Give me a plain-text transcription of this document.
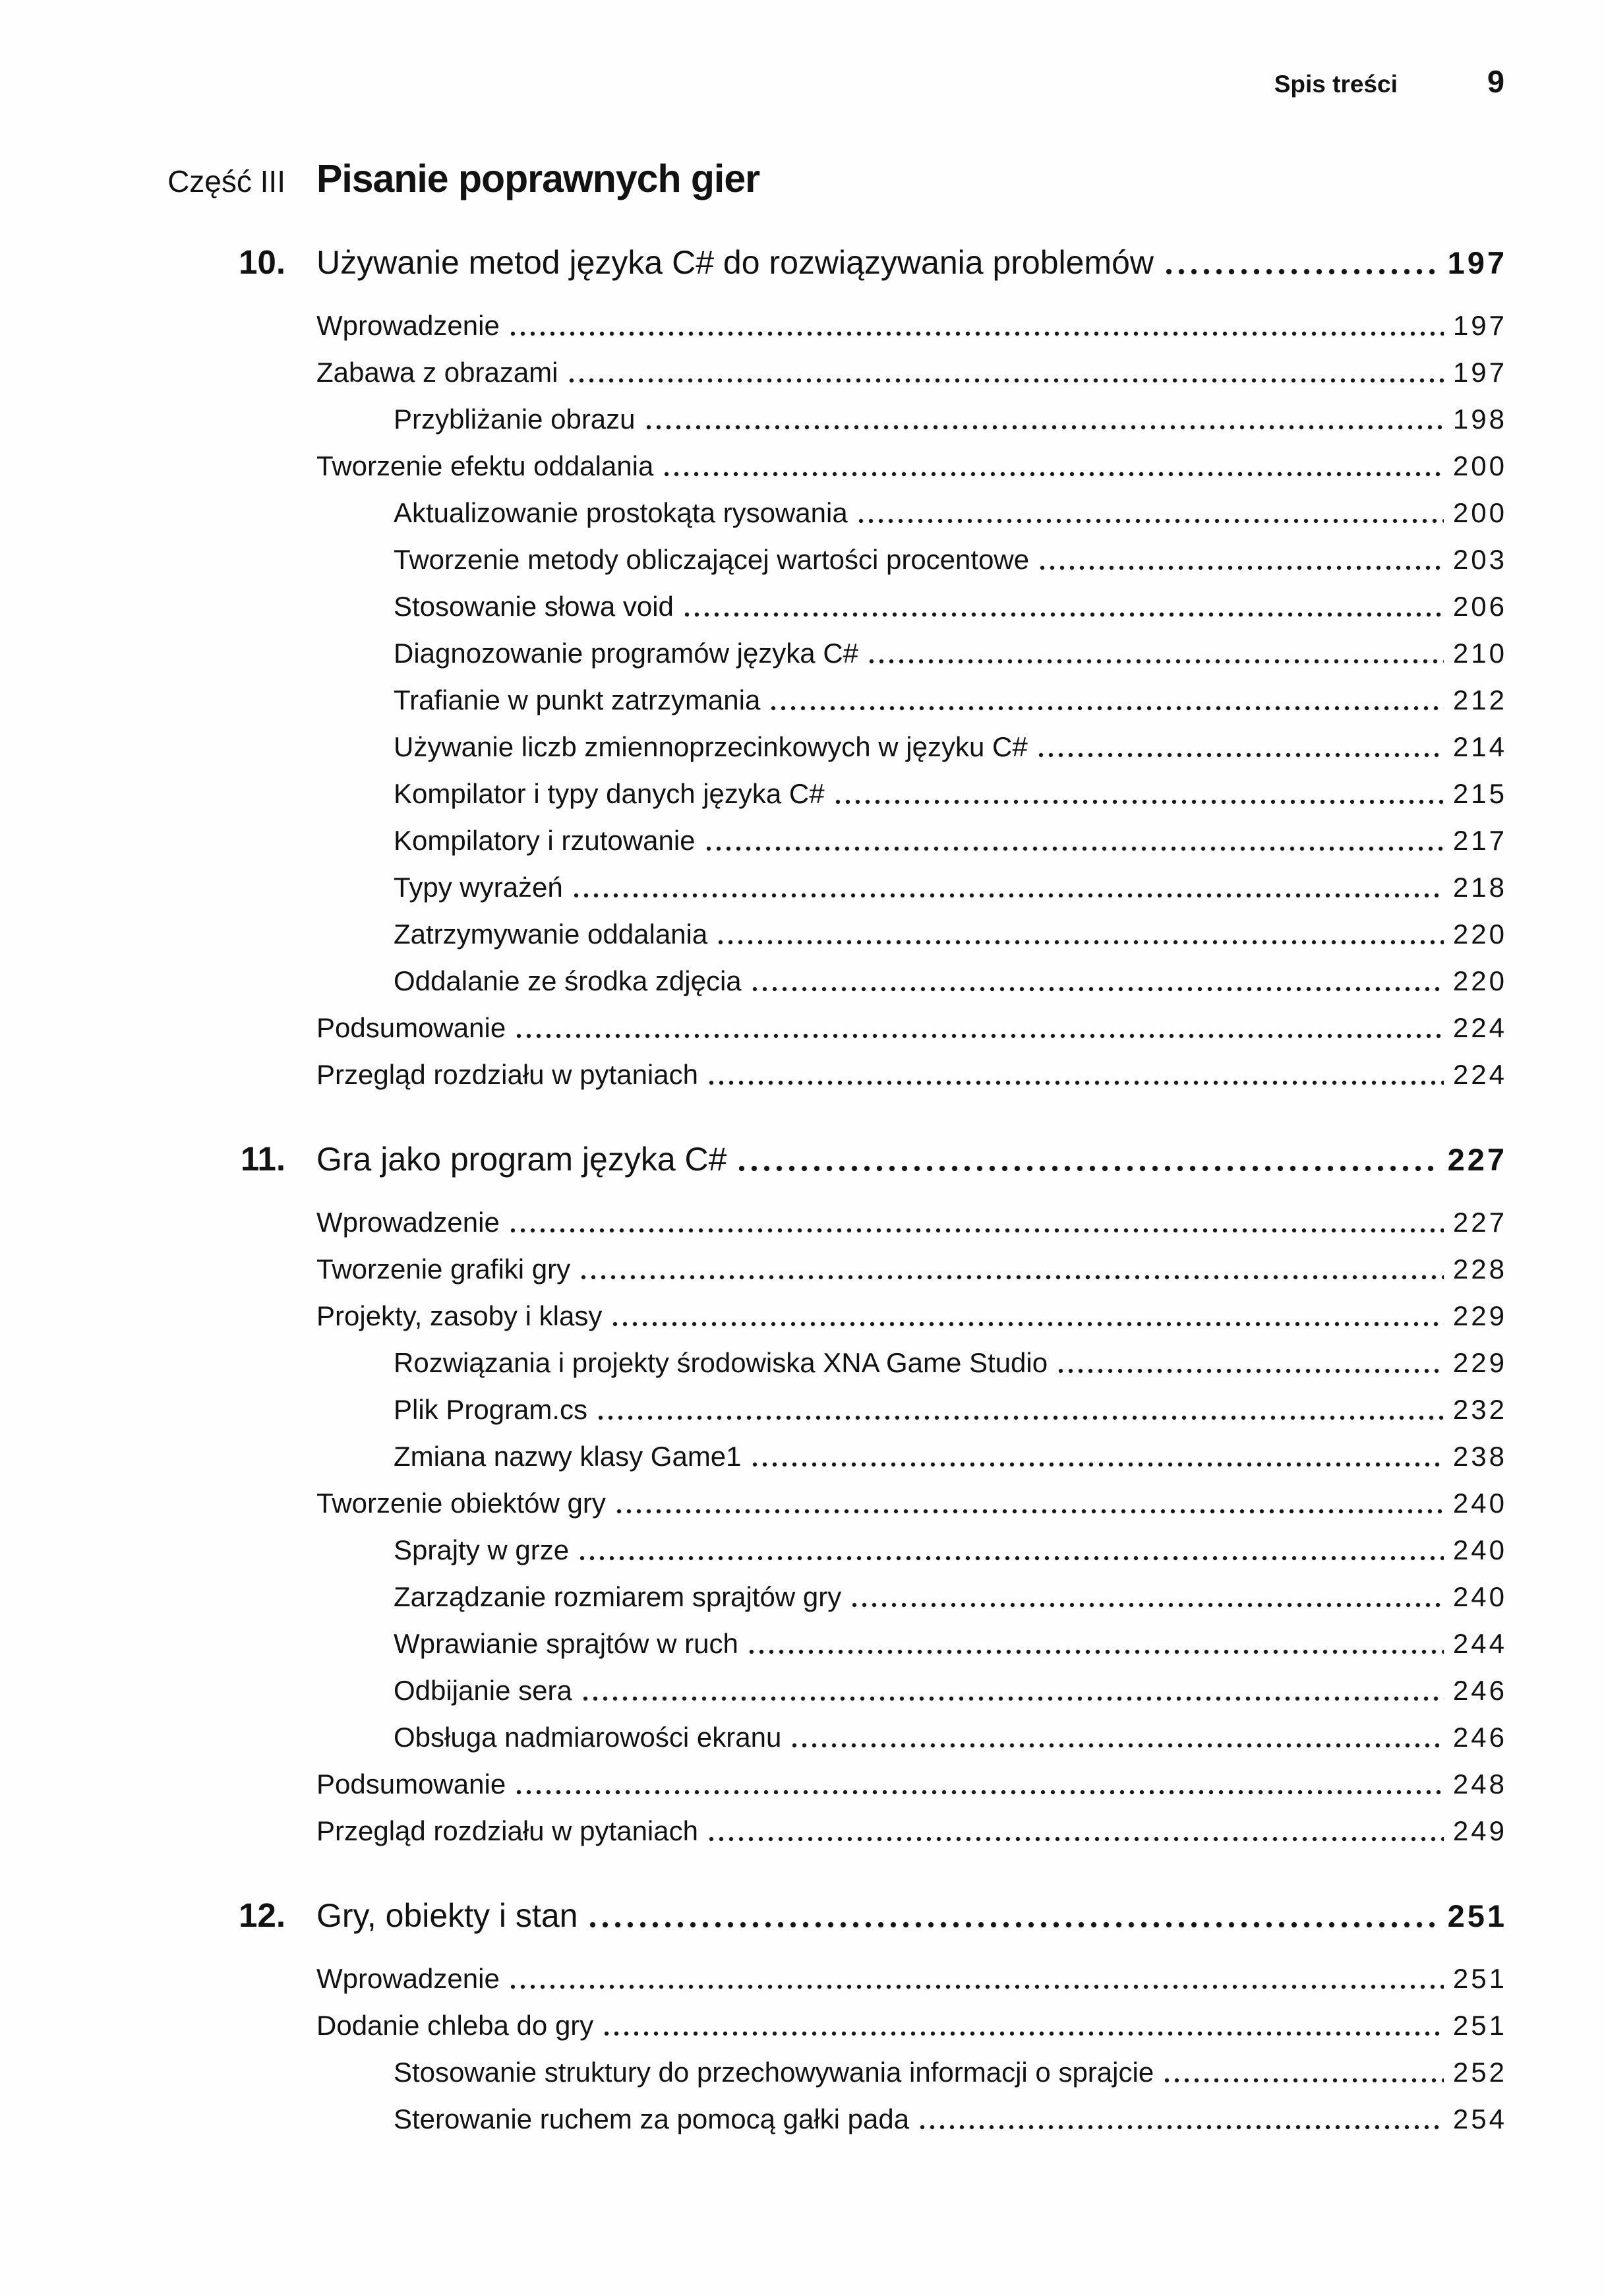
Spis treści	9
Część III Pisanie poprawnych gier
10. Używanie metod języka C# do rozwiązywania problemów	197
Wprowadzenie	197
Zabawa z obrazami	197
Przybliżanie obrazu	198
Tworzenie efektu oddalania	200
Aktualizowanie prostokąta rysowania	200
Tworzenie metody obliczającej wartości procentowe	203
Stosowanie słowa void	206
Diagnozowanie programów języka C#	210
Trafianie w punkt zatrzymania	212
Używanie liczb zmiennoprzecinkowych w języku C#	214
Kompilator i typy danych języka C#	215
Kompilatory i rzutowanie	217
Typy wyrażeń	218
Zatrzymywanie oddalania	220
Oddalanie ze środka zdjęcia	220
Podsumowanie	224
Przegląd rozdziału w pytaniach	224
11. Gra jako program języka C#	227
Wprowadzenie	227
Tworzenie grafiki gry	228
Projekty, zasoby i klasy	229
Rozwiązania i projekty środowiska XNA Game Studio	229
Plik Program.cs	232
Zmiana nazwy klasy Game1	238
Tworzenie obiektów gry	240
Sprajty w grze	240
Zarządzanie rozmiarem sprajtów gry	240
Wprawianie sprajtów w ruch	244
Odbijanie sera	246
Obsługa nadmiarowości ekranu	246
Podsumowanie	248
Przegląd rozdziału w pytaniach	249
12. Gry, obiekty i stan	251
Wprowadzenie	251
Dodanie chleba do gry	251
Stosowanie struktury do przechowywania informacji o sprajcie	252
Sterowanie ruchem za pomocą gałki pada	254
